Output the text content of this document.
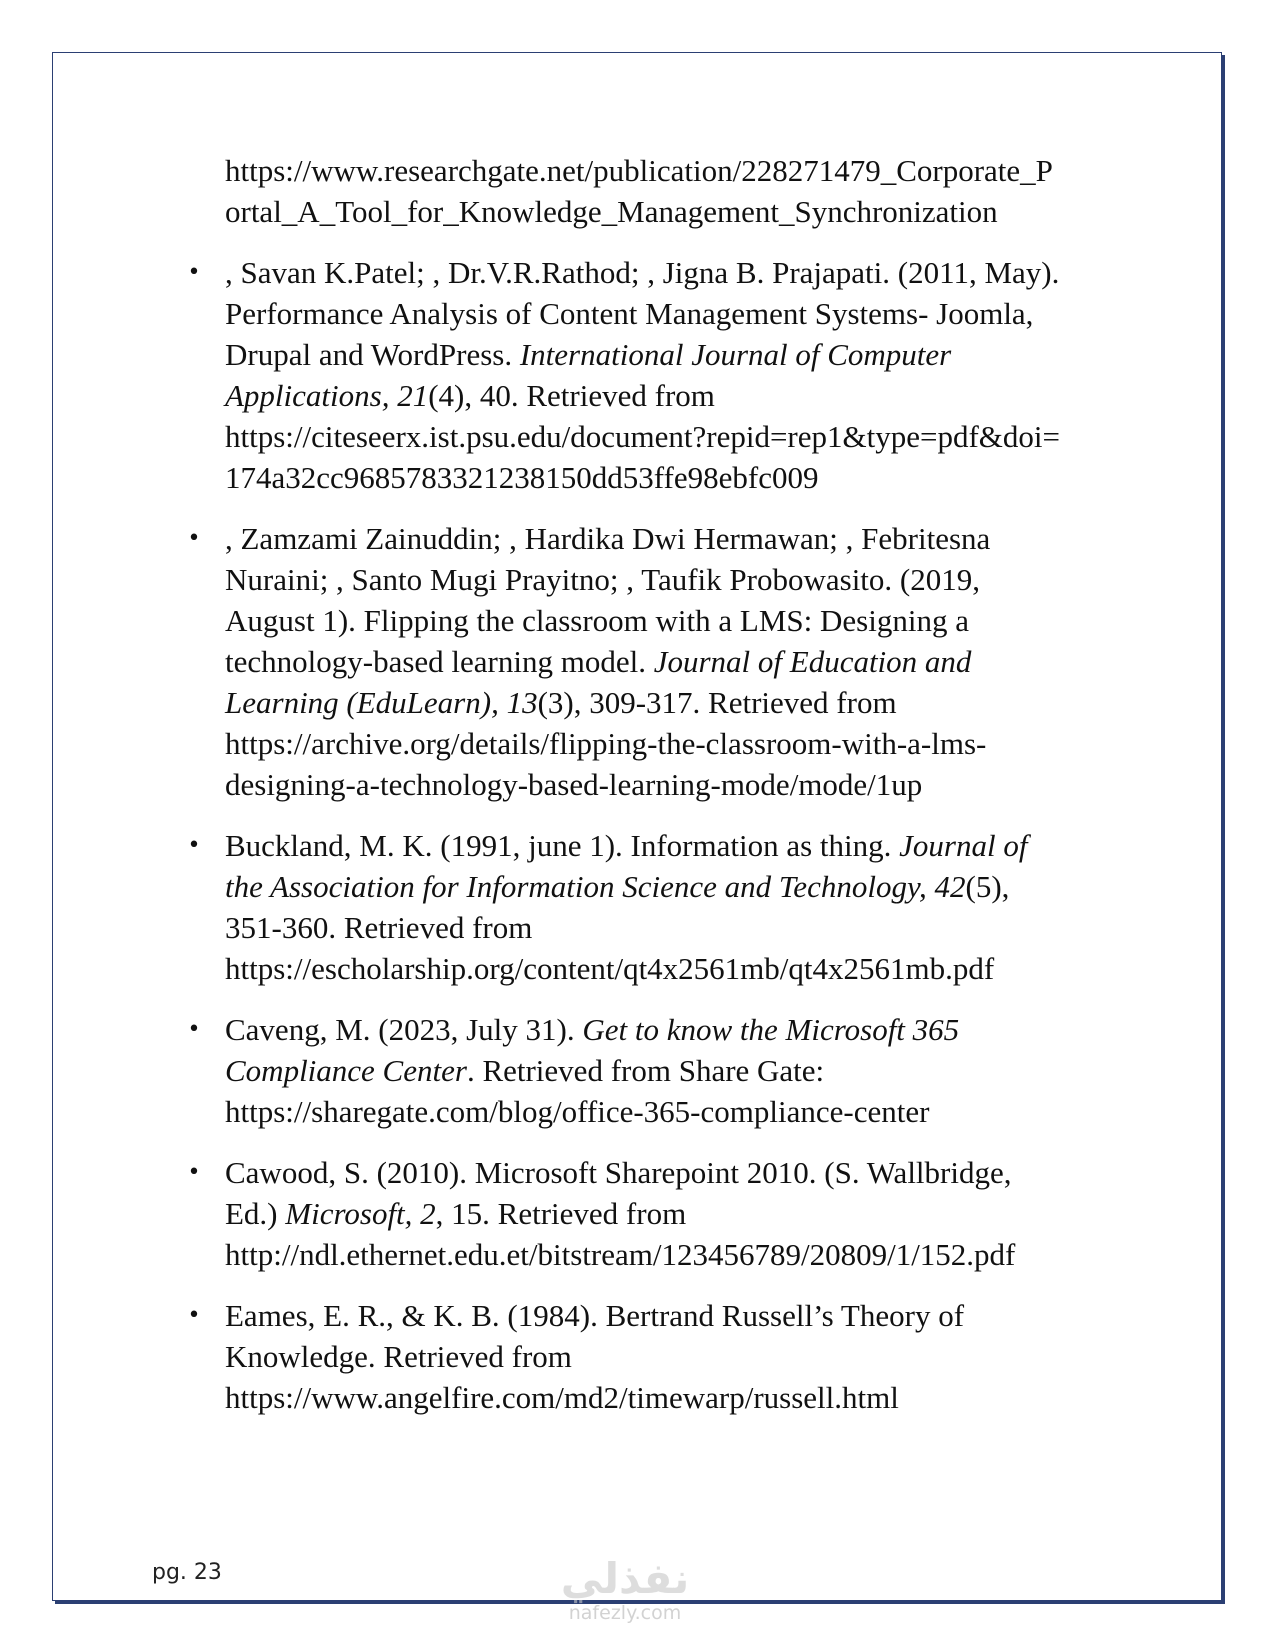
https://www.researchgate.net/publication/228271479_Corporate_P
ortal_A_Tool_for_Knowledge_Management_Synchronization
• , Savan K.Patel; , Dr.V.R.Rathod; , Jigna B. Prajapati. (2011, May).
Performance Analysis of Content Management Systems- Joomla,
Drupal and WordPress. International Journal of Computer
Applications, 21(4), 40. Retrieved from
https://citeseerx.ist.psu.edu/document?repid=rep1&type=pdf&doi=
174a32cc9685783321238150dd53ffe98ebfc009
• , Zamzami Zainuddin; , Hardika Dwi Hermawan; , Febritesna
Nuraini; , Santo Mugi Prayitno; , Taufik Probowasito. (2019,
August 1). Flipping the classroom with a LMS: Designing a
technology-based learning model. Journal of Education and
Learning (EduLearn), 13(3), 309-317. Retrieved from
https://archive.org/details/flipping-the-classroom-with-a-lms-
designing-a-technology-based-learning-mode/mode/1up
• Buckland, M. K. (1991, june 1). Information as thing. Journal of
the Association for Information Science and Technology, 42(5),
351-360. Retrieved from
https://escholarship.org/content/qt4x2561mb/qt4x2561mb.pdf
• Caveng, M. (2023, July 31). Get to know the Microsoft 365
Compliance Center. Retrieved from Share Gate:
https://sharegate.com/blog/office-365-compliance-center
• Cawood, S. (2010). Microsoft Sharepoint 2010. (S. Wallbridge,
Ed.) Microsoft, 2, 15. Retrieved from
http://ndl.ethernet.edu.et/bitstream/123456789/20809/1/152.pdf
• Eames, E. R., & K. B. (1984). Bertrand Russell’s Theory of
Knowledge. Retrieved from
https://www.angelfire.com/md2/timewarp/russell.html
pg. 23	نفذلي
nafezly.com
